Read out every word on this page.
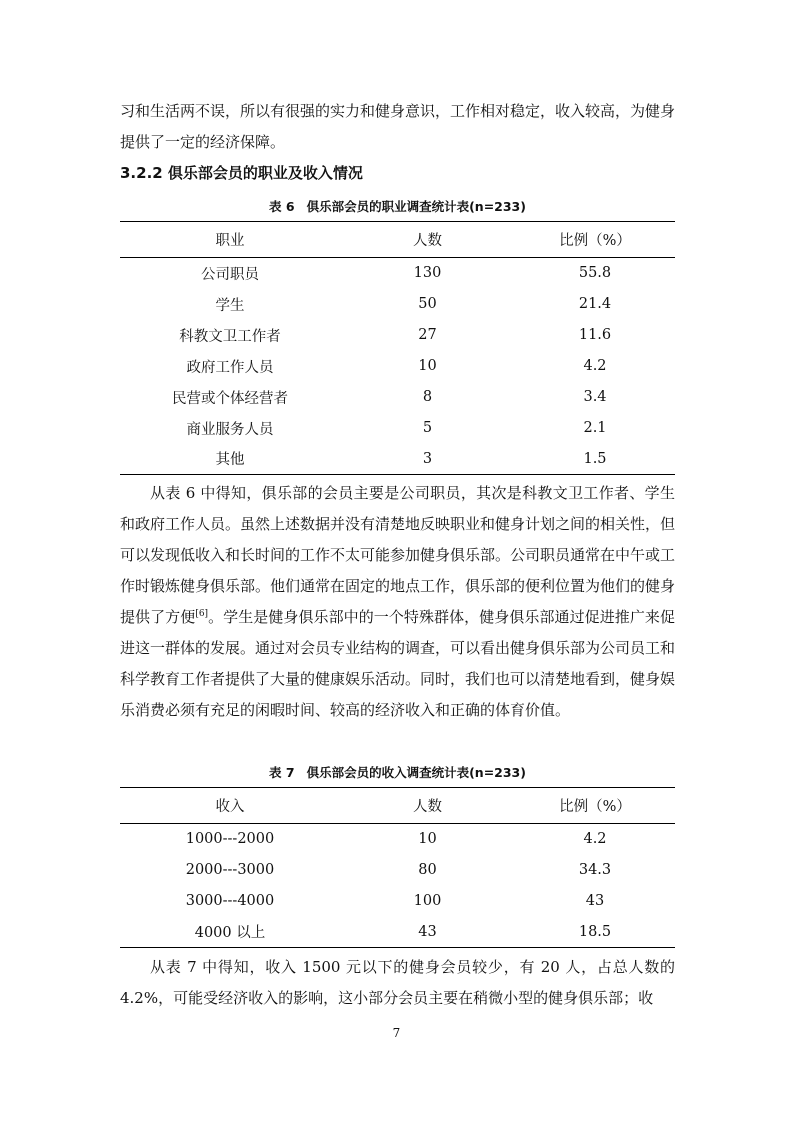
习和生活两不误，所以有很强的实力和健身意识，工作相对稳定，收入较高，为健身提供了一定的经济保障。

3.2.2 俱乐部会员的职业及收入情况

表 6 俱乐部会员的职业调查统计表(n=233)

职业	人数	比例（%）
公司职员	130	55.8
学生	50	21.4
科教文卫工作者	27	11.6
政府工作人员	10	4.2
民营或个体经营者	8	3.4
商业服务人员	5	2.1
其他	3	1.5

从表 6 中得知，俱乐部的会员主要是公司职员，其次是科教文卫工作者、学生和政府工作人员。虽然上述数据并没有清楚地反映职业和健身计划之间的相关性，但可以发现低收入和长时间的工作不太可能参加健身俱乐部。公司职员通常在中午或工作时锻炼健身俱乐部。他们通常在固定的地点工作，俱乐部的便利位置为他们的健身提供了方便[6]。学生是健身俱乐部中的一个特殊群体，健身俱乐部通过促进推广来促进这一群体的发展。通过对会员专业结构的调查，可以看出健身俱乐部为公司员工和科学教育工作者提供了大量的健康娱乐活动。同时，我们也可以清楚地看到，健身娱乐消费必须有充足的闲暇时间、较高的经济收入和正确的体育价值。

表 7 俱乐部会员的收入调查统计表(n=233)

收入	人数	比例（%）
1000---2000	10	4.2
2000---3000	80	34.3
3000---4000	100	43
4000 以上	43	18.5

从表 7 中得知，收入 1500 元以下的健身会员较少，有 20 人，占总人数的 4.2%，可能受经济收入的影响，这小部分会员主要在稍微小型的健身俱乐部；收

7
